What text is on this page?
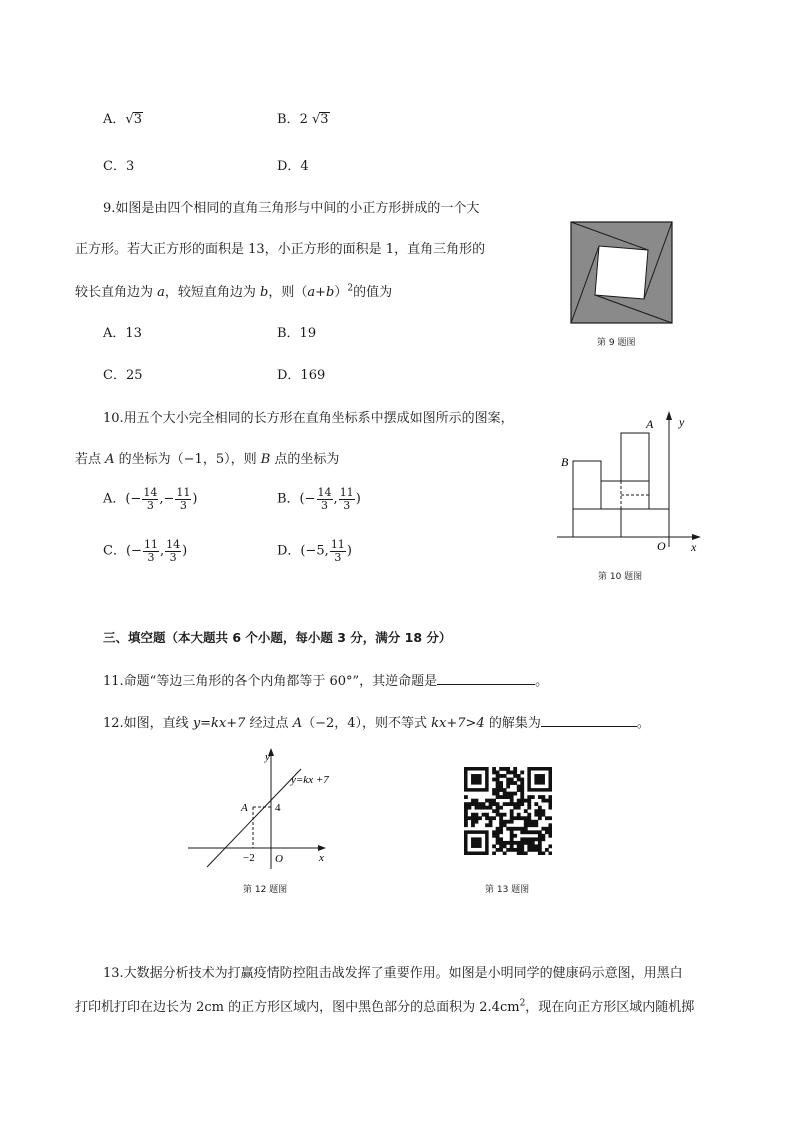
A．√3	B．2 √3
C．3	D．4
9.如图是由四个相同的直角三角形与中间的小正方形拼成的一个大
正方形。若大正方形的面积是 13，小正方形的面积是 1，直角三角形的
较长直角边为 a，较短直角边为 b，则$(a+b)^2$的值为
A．13	B．19
C．25	D．169
第 9 题图
10.用五个大小完全相同的长方形在直角坐标系中摆成如图所示的图案，
若点 A 的坐标为（−1，5），则 B 点的坐标为
A．(− $\frac{14}{3}$ ,− $\frac{11}{3}$ )	B．(− $\frac{14}{3}$ , $\frac{11}{3}$ )
C．(− $\frac{11}{3}$ , $\frac{14}{3}$ )	D．(−5, $\frac{11}{3}$ )
A
B
y
x
O
第 10 题图
三、填空题（本大题共 6 个小题，每小题 3 分，满分 18 分）
11.命题“等边三角形的各个内角都等于 60°”，其逆命题是	。
12.如图，直线 y=kx+7 经过点 A（−2，4），则不等式 kx+7>4 的解集为	。
y
x
O
A 4
−2
y=kx +7
第 12 题图	第 13 题图
13.大数据分析技术为打赢疫情防控阻击战发挥了重要作用。如图是小明同学的健康码示意图，用黑白
打印机打印在边长为 2cm 的正方形区域内，图中黑色部分的总面积为 $2.4cm^2$，现在向正方形区域内随机掷
